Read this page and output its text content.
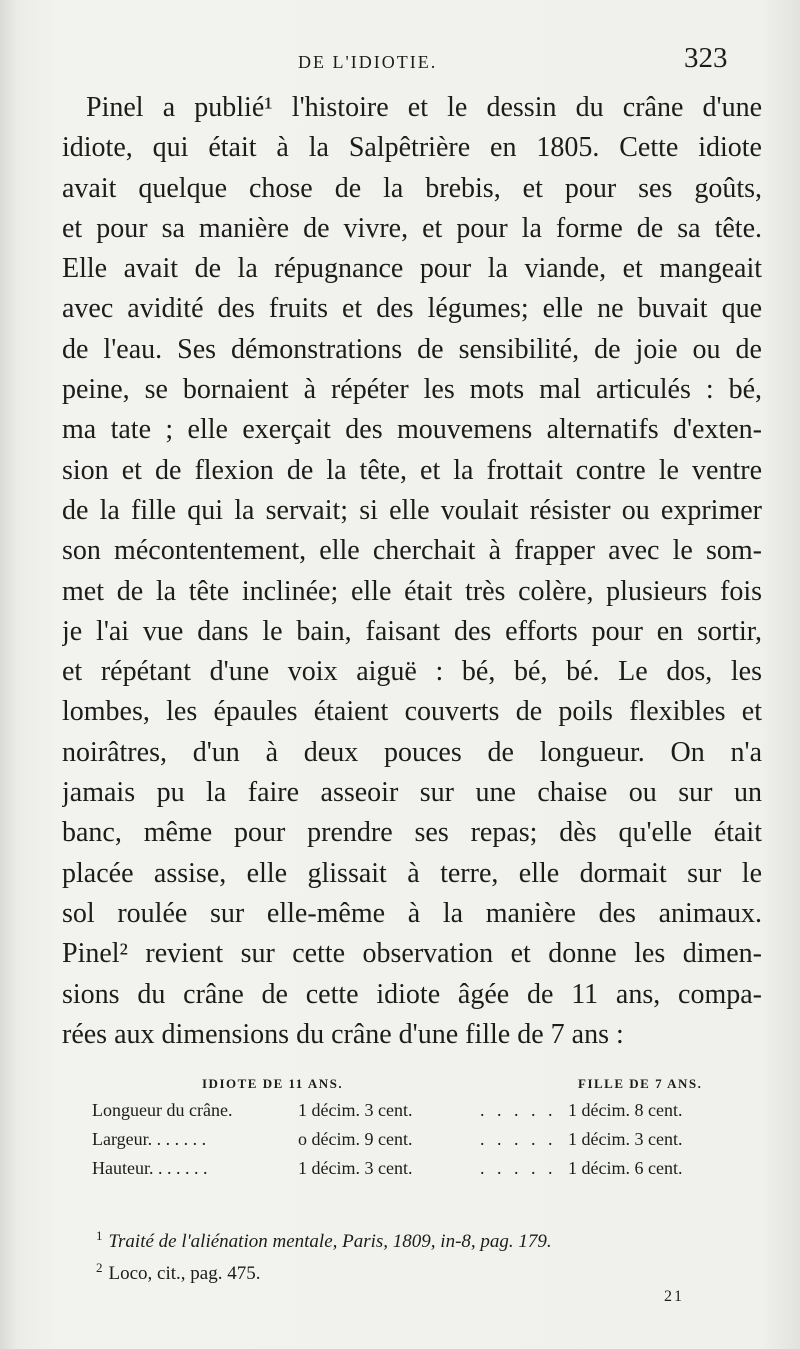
DE L'IDIOTIE.	323
Pinel a publié¹ l'histoire et le dessin du crâne d'une
idiote, qui était à la Salpêtrière en 1805. Cette idiote
avait quelque chose de la brebis, et pour ses goûts,
et pour sa manière de vivre, et pour la forme de sa tête.
Elle avait de la répugnance pour la viande, et mangeait
avec avidité des fruits et des légumes; elle ne buvait que
de l'eau. Ses démonstrations de sensibilité, de joie ou de
peine, se bornaient à répéter les mots mal articulés : bé,
ma tate ; elle exerçait des mouvemens alternatifs d'exten-
sion et de flexion de la tête, et la frottait contre le ventre
de la fille qui la servait; si elle voulait résister ou exprimer
son mécontentement, elle cherchait à frapper avec le som-
met de la tête inclinée; elle était très colère, plusieurs fois
je l'ai vue dans le bain, faisant des efforts pour en sortir,
et répétant d'une voix aiguë : bé, bé, bé. Le dos, les
lombes, les épaules étaient couverts de poils flexibles et
noirâtres, d'un à deux pouces de longueur. On n'a
jamais pu la faire asseoir sur une chaise ou sur un
banc, même pour prendre ses repas; dès qu'elle était
placée assise, elle glissait à terre, elle dormait sur le
sol roulée sur elle-même à la manière des animaux.
Pinel² revient sur cette observation et donne les dimen-
sions du crâne de cette idiote âgée de 11 ans, compa-
rées aux dimensions du crâne d'une fille de 7 ans :
IDIOTE DE 11 ANS.	FILLE DE 7 ANS.
Longueur du crâne.	1 décim. 3 cent.	. . . . . 1 décim. 8 cent.
Largeur. . . . . . .	o décim. 9 cent.	. . . . . 1 décim. 3 cent.
Hauteur. . . . . . .	1 décim. 3 cent.	. . . . . 1 décim. 6 cent.
$^1$ Traité de l'aliénation mentale, Paris, 1809, in-8, pag. 179.
$^2$ Loco, cit., pag. 475.
21
